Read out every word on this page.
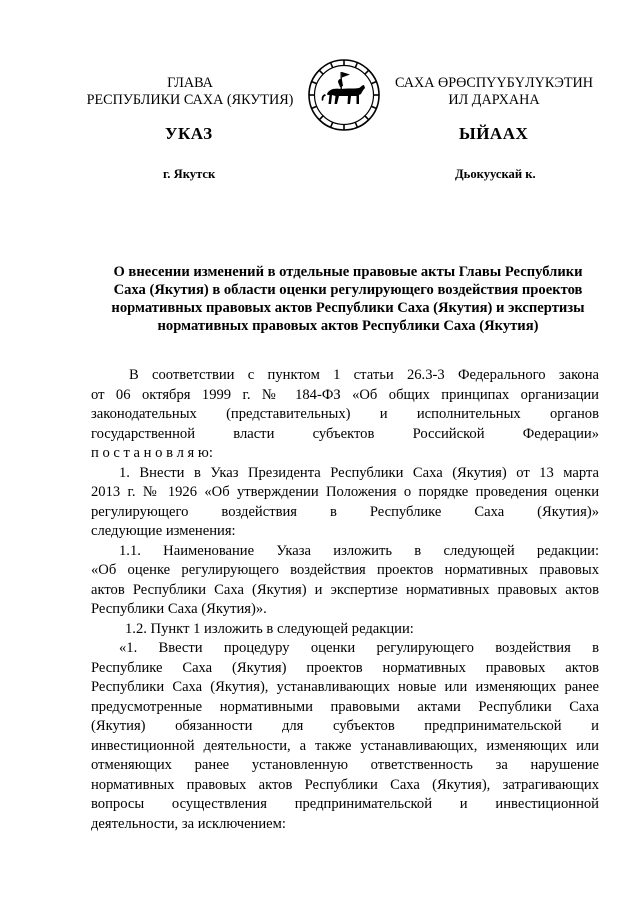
ГЛАВА
РЕСПУБЛИКИ САХА (ЯКУТИЯ)
САХА ӨРӨСПҮҮБҮЛҮКЭТИН
ИЛ ДАРХАНА
УКАЗ	ЫЙААХ
г. Якутск	Дьокуускай к.
О внесении изменений в отдельные правовые акты Главы Республики
Саха (Якутия) в области оценки регулирующего воздействия проектов
нормативных правовых актов Республики Саха (Якутия) и экспертизы
нормативных правовых актов Республики Саха (Якутия)
В соответствии с пунктом 1 статьи 26.3-3 Федерального закона
от 06 октября 1999 г. № 184-ФЗ «Об общих принципах организации
законодательных (представительных) и исполнительных органов
государственной власти субъектов Российской Федерации»
п о с т а н о в л я ю:
1. Внести в Указ Президента Республики Саха (Якутия) от 13 марта
2013 г. № 1926 «Об утверждении Положения о порядке проведения оценки
регулирующего воздействия в Республике Саха (Якутия)»
следующие изменения:
1.1. Наименование Указа изложить в следующей редакции:
«Об оценке регулирующего воздействия проектов нормативных правовых
актов Республики Саха (Якутия) и экспертизе нормативных правовых актов
Республики Саха (Якутия)».
1.2. Пункт 1 изложить в следующей редакции:
«1. Ввести процедуру оценки регулирующего воздействия в
Республике Саха (Якутия) проектов нормативных правовых актов
Республики Саха (Якутия), устанавливающих новые или изменяющих ранее
предусмотренные нормативными правовыми актами Республики Саха
(Якутия) обязанности для субъектов предпринимательской и
инвестиционной деятельности, а также устанавливающих, изменяющих или
отменяющих ранее установленную ответственность за нарушение
нормативных правовых актов Республики Саха (Якутия), затрагивающих
вопросы осуществления предпринимательской и инвестиционной
деятельности, за исключением:
